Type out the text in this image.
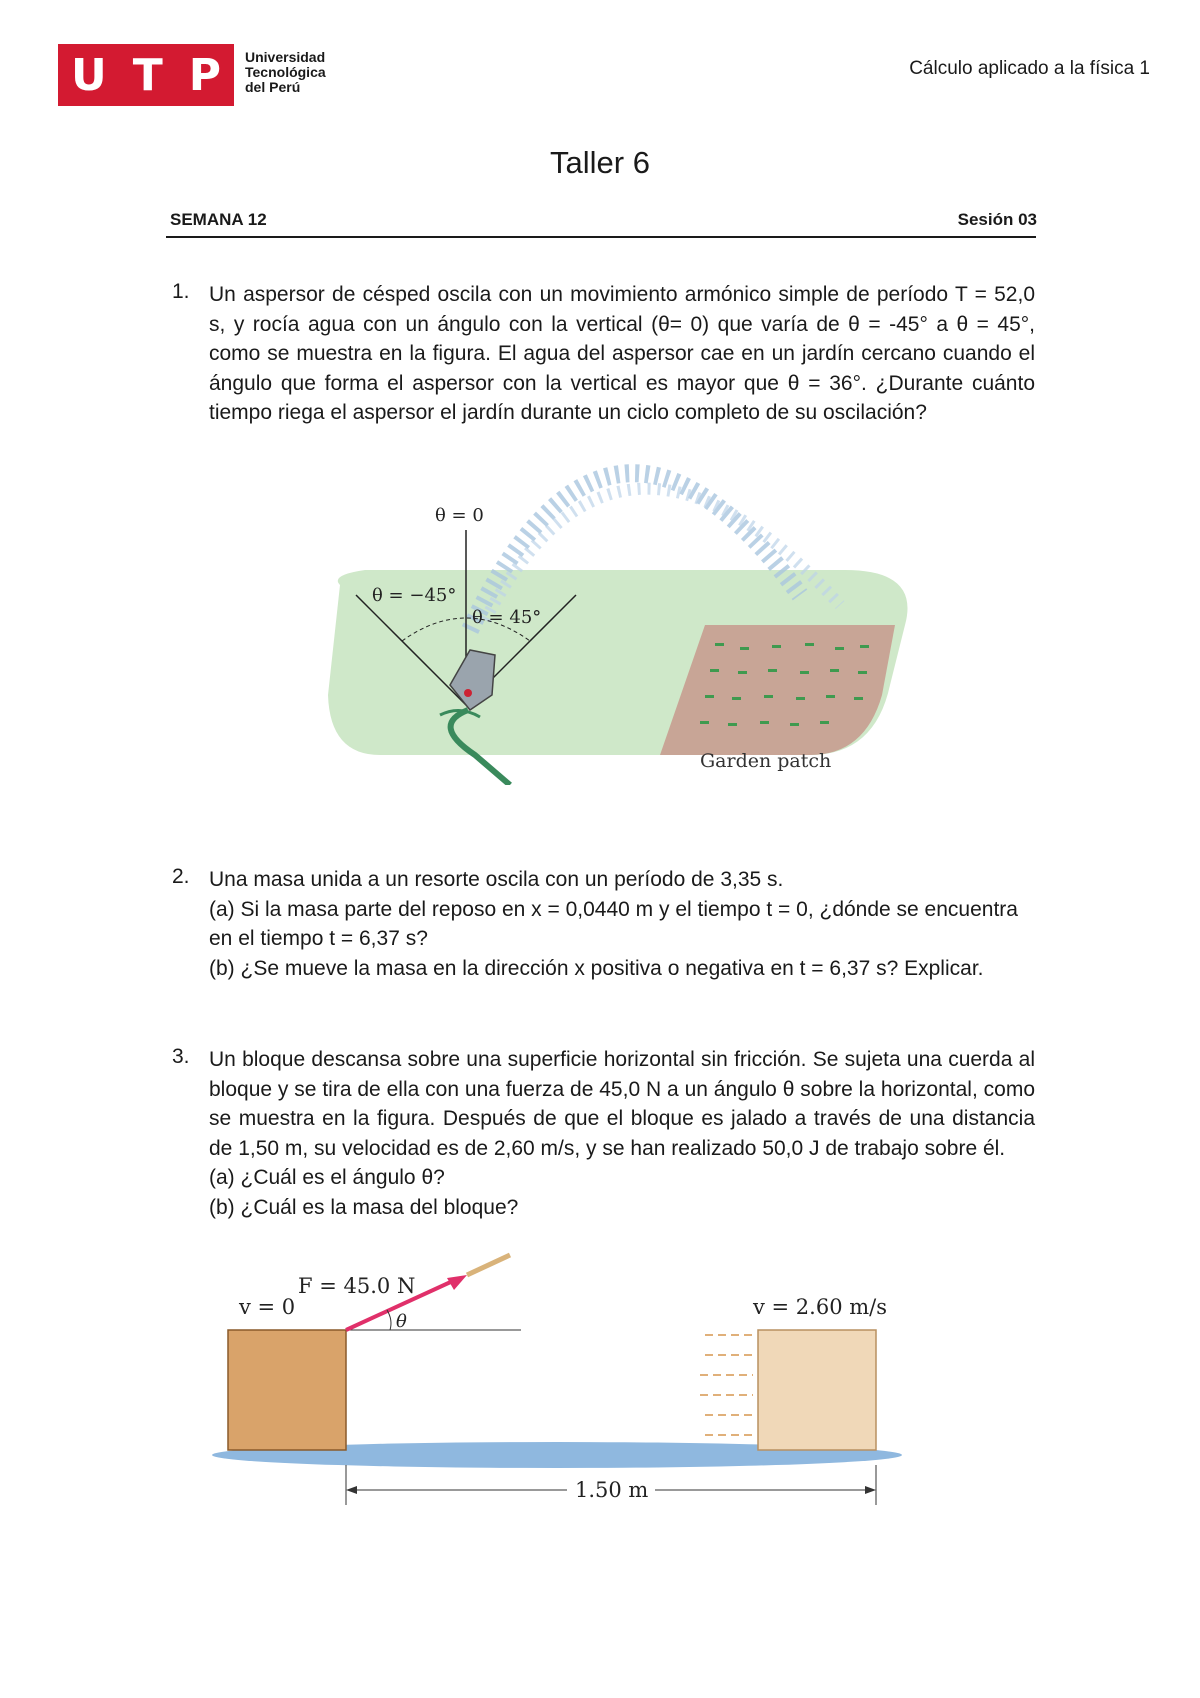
U T P Universidad
Tecnológica
del Perú
Cálculo aplicado a la física 1
Taller 6
SEMANA 12	Sesión 03
1. Un aspersor de césped oscila con un movimiento armónico simple de período T = 52,0 s, y rocía agua con un ángulo con la vertical (θ= 0) que varía de θ = -45° a θ = 45°, como se muestra en la figura. El agua del aspersor cae en un jardín cercano cuando el ángulo que forma el aspersor con la vertical es mayor que θ = 36°. ¿Durante cuánto tiempo riega el aspersor el jardín durante un ciclo completo de su oscilación?
θ = 0
θ = −45°
θ = 45°
Garden patch
2. Una masa unida a un resorte oscila con un período de 3,35 s.
(a) Si la masa parte del reposo en x = 0,0440 m y el tiempo t = 0, ¿dónde se encuentra en el tiempo t = 6,37 s?
(b) ¿Se mueve la masa en la dirección x positiva o negativa en t = 6,37 s? Explicar.
3. Un bloque descansa sobre una superficie horizontal sin fricción. Se sujeta una cuerda al bloque y se tira de ella con una fuerza de 45,0 N a un ángulo θ sobre la horizontal, como se muestra en la figura. Después de que el bloque es jalado a través de una distancia de 1,50 m, su velocidad es de 2,60 m/s, y se han realizado 50,0 J de trabajo sobre él.
(a) ¿Cuál es el ángulo θ?
(b) ¿Cuál es la masa del bloque?
F = 45.0 N
v = 0
θ
v = 2.60 m/s
1.50 m
